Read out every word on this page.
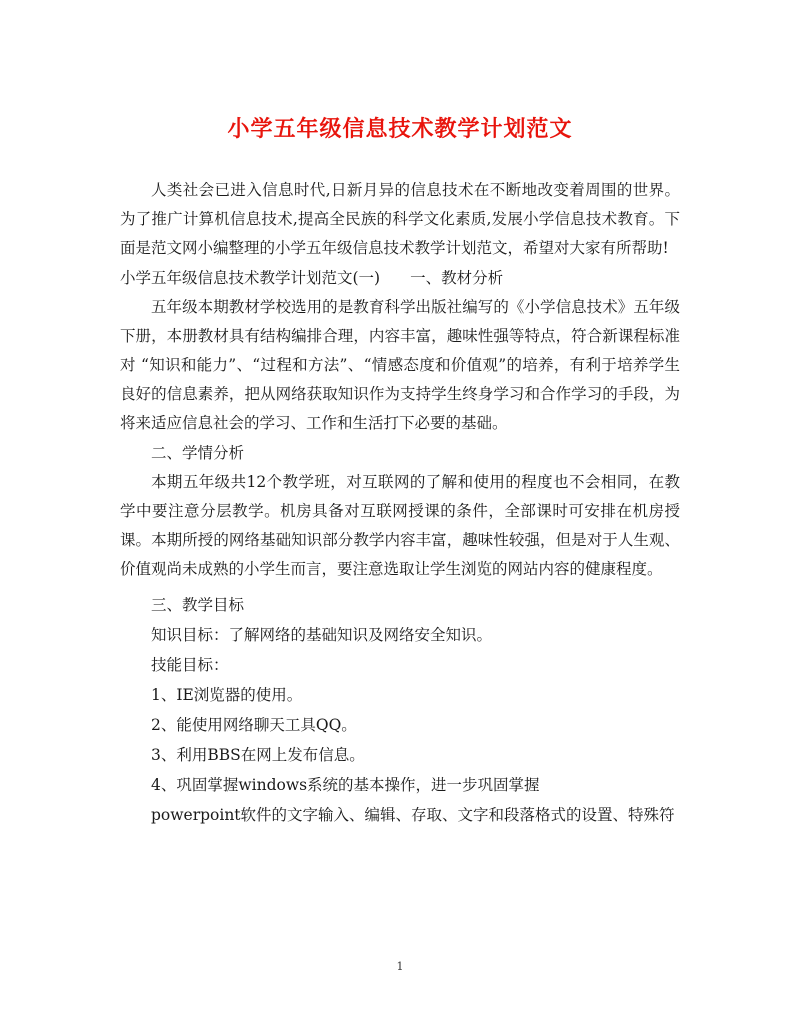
小学五年级信息技术教学计划范文

人类社会已进入信息时代,日新月异的信息技术在不断地改变着周围的世界。为了推广计算机信息技术,提高全民族的科学文化素质,发展小学信息技术教育。下面是范文网小编整理的小学五年级信息技术教学计划范文，希望对大家有所帮助!

小学五年级信息技术教学计划范文(一) 一、教材分析

五年级本期教材学校选用的是教育科学出版社编写的《小学信息技术》五年级下册，本册教材具有结构编排合理，内容丰富，趣味性强等特点，符合新课程标准对 “知识和能力”、“过程和方法”、“情感态度和价值观”的培养，有利于培养学生良好的信息素养，把从网络获取知识作为支持学生终身学习和合作学习的手段，为将来适应信息社会的学习、工作和生活打下必要的基础。

二、学情分析

本期五年级共12个教学班，对互联网的了解和使用的程度也不会相同，在教学中要注意分层教学。机房具备对互联网授课的条件，全部课时可安排在机房授课。本期所授的网络基础知识部分教学内容丰富，趣味性较强，但是对于人生观、价值观尚未成熟的小学生而言，要注意选取让学生浏览的网站内容的健康程度。

三、教学目标
知识目标：了解网络的基础知识及网络安全知识。
技能目标：
1、IE浏览器的使用。
2、能使用网络聊天工具QQ。
3、利用BBS在网上发布信息。
4、巩固掌握windows系统的基本操作，进一步巩固掌握
powerpoint软件的文字输入、编辑、存取、文字和段落格式的设置、特殊符
1
